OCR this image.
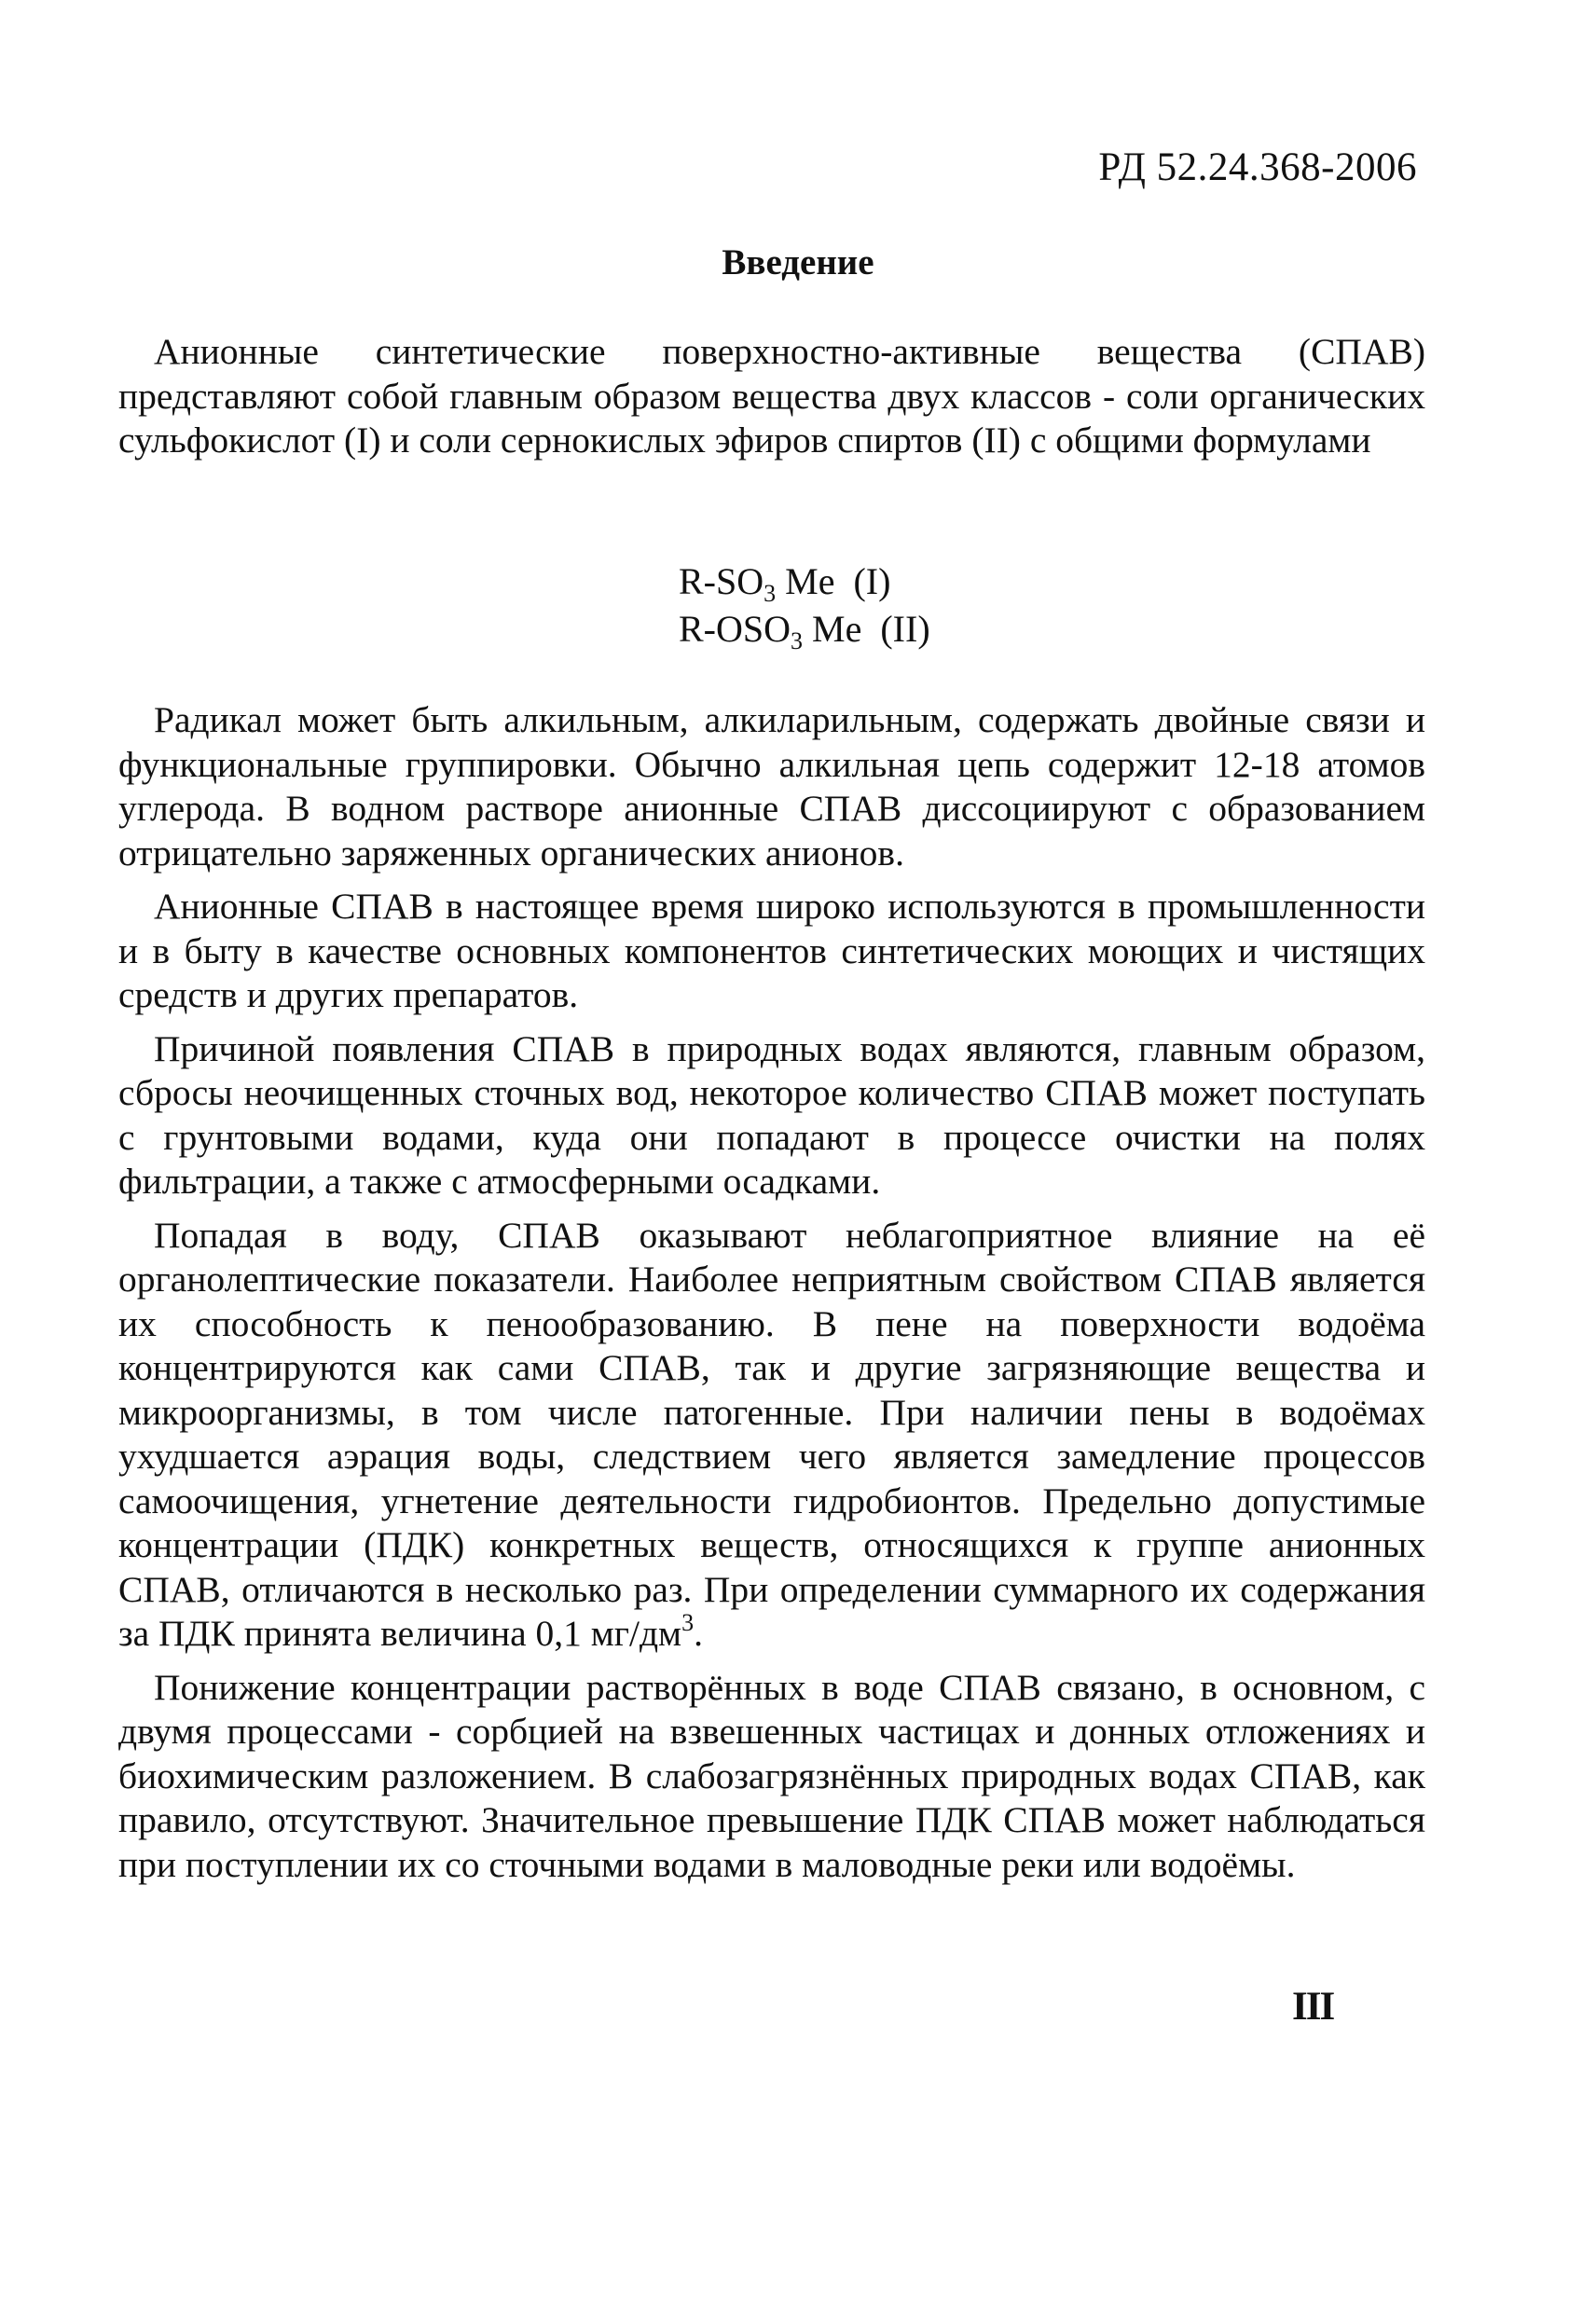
РД 52.24.368-2006
Введение

Анионные синтетические поверхностно-активные вещества (СПАВ) представляют собой главным образом вещества двух классов - соли органических сульфокислот (I) и соли сернокислых эфиров спиртов (II) с общими формулами

$R-SO_3$ Me  (I)
$R-OSO_3$ Me  (II)

Радикал может быть алкильным, алкиларильным, содержать двойные связи и функциональные группировки. Обычно алкильная цепь содержит 12-18 атомов углерода. В водном растворе анионные СПАВ диссоциируют с образованием отрицательно заряженных органических анионов.

Анионные СПАВ в настоящее время широко используются в промышленности и в быту в качестве основных компонентов синтетических моющих и чистящих средств и других препаратов.

Причиной появления СПАВ в природных водах являются, главным образом, сбросы неочищенных сточных вод, некоторое количество СПАВ может поступать с грунтовыми водами, куда они попадают в процессе очистки на полях фильтрации, а также с атмосферными осадками.

Попадая в воду, СПАВ оказывают неблагоприятное влияние на её органолептические показатели. Наиболее неприятным свойством СПАВ является их способность к пенообразованию. В пене на поверхности водоёма концентрируются как сами СПАВ, так и другие загрязняющие вещества и микроорганизмы, в том числе патогенные. При наличии пены в водоёмах ухудшается аэрация воды, следствием чего является замедление процессов самоочищения, угнетение деятельности гидробионтов. Предельно допустимые концентрации (ПДК) конкретных веществ, относящихся к группе анионных СПАВ, отличаются в несколько раз. При определении суммарного их содержания за ПДК принята величина 0,1 $мг/дм^3$.

Понижение концентрации растворённых в воде СПАВ связано, в основном, с двумя процессами - сорбцией на взвешенных частицах и донных отложениях и биохимическим разложением. В слабозагрязнённых природных водах СПАВ, как правило, отсутствуют. Значительное превышение ПДК СПАВ может наблюдаться при поступлении их со сточными водами в маловодные реки или водоёмы.

III
